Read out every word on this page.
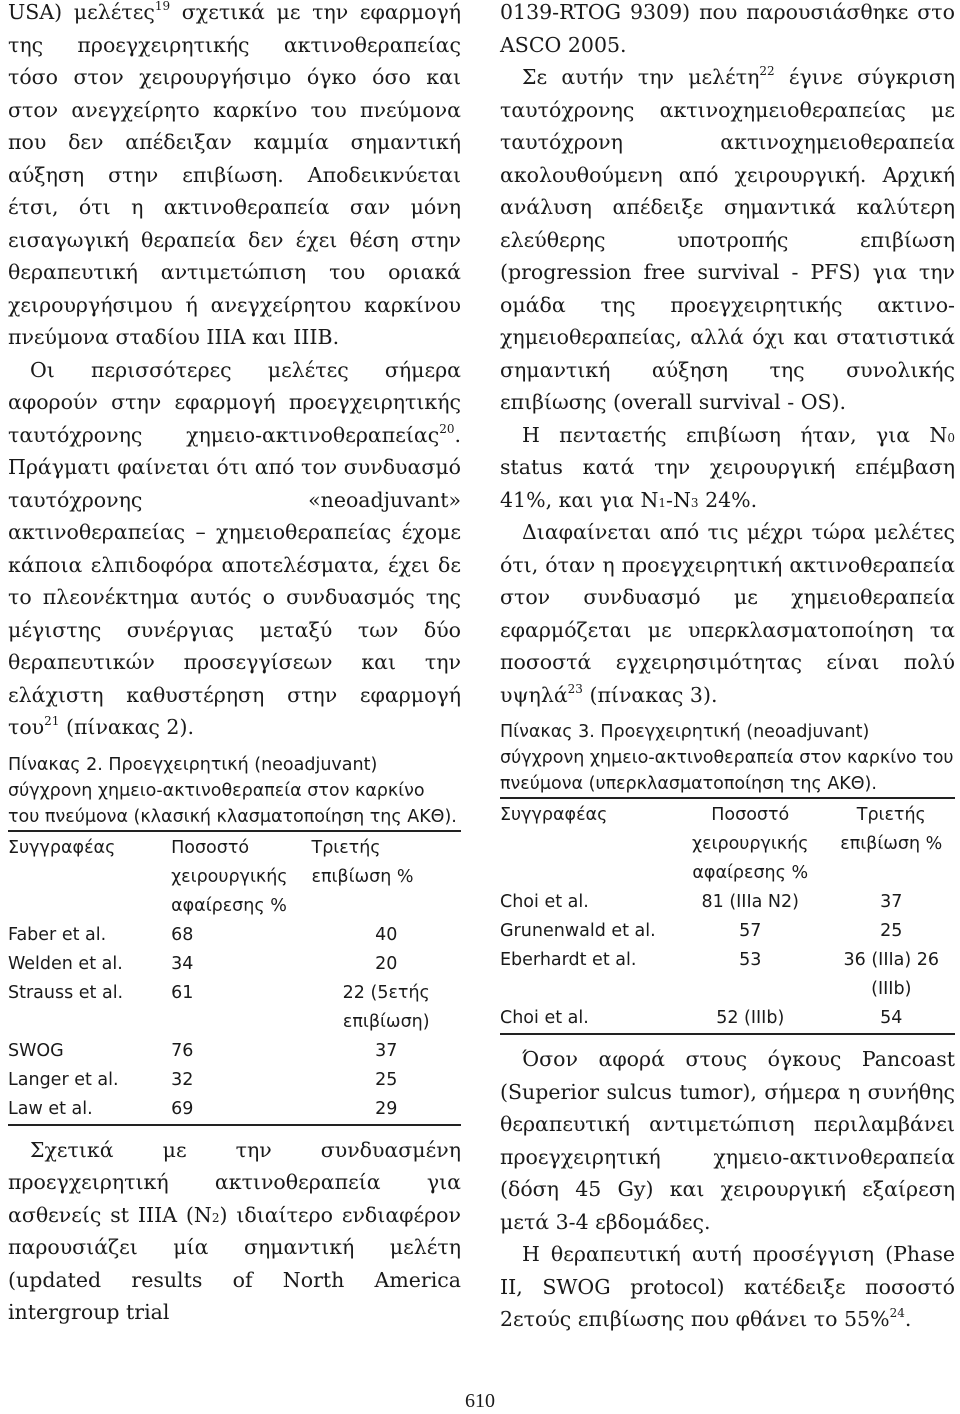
USA) μελέτες$^{19}$ σχετικά με την εφαρμογή της προεγχειρητικής ακτινοθεραπείας τόσο στον χειρουργήσιμο όγκο όσο και στον ανεγχείρητο καρκίνο του πνεύμονα που δεν απέδειξαν καμμία σημαντική αύξηση στην επιβίωση. Αποδεικνύεται έτσι, ότι η ακτινοθεραπεία σαν μόνη εισαγωγική θεραπεία δεν έχει θέση στην θεραπευτική αντιμετώπιση του οριακά χειρουργήσιμου ή ανεγχείρητου καρκίνου πνεύμονα σταδίου ΙΙΙΑ και ΙΙΙΒ.

Οι περισσότερες μελέτες σήμερα αφορούν στην εφαρμογή προεγχειρητικής ταυτόχρονης χημειο-ακτινοθεραπείας$^{20}$. Πράγματι φαίνεται ότι από τον συνδυασμό ταυτόχρονης «neoadjuvant» ακτινοθεραπείας – χημειοθεραπείας έχομε κάποια ελπιδοφόρα αποτελέσματα, έχει δε το πλεονέκτημα αυτός ο συνδυασμός της μέγιστης συνέργιας μεταξύ των δύο θεραπευτικών προσεγγίσεων και την ελάχιστη καθυστέρηση στην εφαρμογή του$^{21}$ (πίνακας 2).

Πίνακας 2. Προεγχειρητική (neoadjuvant) σύγχρονη χημειο-ακτινοθεραπεία στον καρκίνο του πνεύμονα (κλασική κλασματοποίηση της ΑΚΘ).
Συγγραφέας	Ποσοστό χειρουργικής αφαίρεσης %	Τριετής επιβίωση %
Faber et al.	68	40
Welden et al.	34	20
Strauss et al.	61	22 (5ετής επιβίωση)
SWOG	76	37
Langer et al.	32	25
Law et al.	69	29

Σχετικά με την συνδυασμένη προεγχειρητική ακτινοθεραπεία για ασθενείς st ΙΙΙΑ (Ν2) ιδιαίτερο ενδιαφέρον παρουσιάζει μία σημαντική μελέτη (updated results of North America intergroup trial

0139-RTOG 9309) που παρουσιάσθηκε στο ASCO 2005.

Σε αυτήν την μελέτη$^{22}$ έγινε σύγκριση ταυτόχρονης ακτινοχημειοθεραπείας με ταυτόχρονη ακτινοχημειοθεραπεία ακολουθούμενη από χειρουργική. Αρχική ανάλυση απέδειξε σημαντικά καλύτερη ελεύθερης υποτροπής επιβίωση (progression free survival - PFS) για την ομάδα της προεγχειρητικής ακτινο-χημειοθεραπείας, αλλά όχι και στατιστικά σημαντική αύξηση της συνολικής επιβίωσης (overall survival - OS).

Η πενταετής επιβίωση ήταν, για Ν0 status κατά την χειρουργική επέμβαση 41%, και για Ν1-Ν3 24%.

Διαφαίνεται από τις μέχρι τώρα μελέτες ότι, όταν η προεγχειρητική ακτινοθεραπεία στον συνδυασμό με χημειοθεραπεία εφαρμόζεται με υπερκλασματοποίηση τα ποσοστά εγχειρησιμότητας είναι πολύ υψηλά$^{23}$ (πίνακας 3).

Πίνακας 3. Προεγχειρητική (neoadjuvant) σύγχρονη χημειο-ακτινοθεραπεία στον καρκίνο του πνεύμονα (υπερκλασματοποίηση της ΑΚΘ).
Συγγραφέας	Ποσοστό χειρουργικής αφαίρεσης %	Τριετής επιβίωση %
Choi et al.	81 (ΙΙΙa N2)	37
Grunenwald et al.	57	25
Eberhardt et al.	53	36 (ΙΙΙa) 26 (ΙΙΙb)
Choi et al.	52 (ΙΙΙb)	54

Όσον αφορά στους όγκους Pancoast (Superior sulcus tumor), σήμερα η συνήθης θεραπευτική αντιμετώπιση περιλαμβάνει προεγχειρητική χημειο-ακτινοθεραπεία (δόση 45 Gy) και χειρουργική εξαίρεση μετά 3-4 εβδομάδες.

Η θεραπευτική αυτή προσέγγιση (Phase II, SWOG protocol) κατέδειξε ποσοστό 2ετούς επιβίωσης που φθάνει το 55%$^{24}$.

610
